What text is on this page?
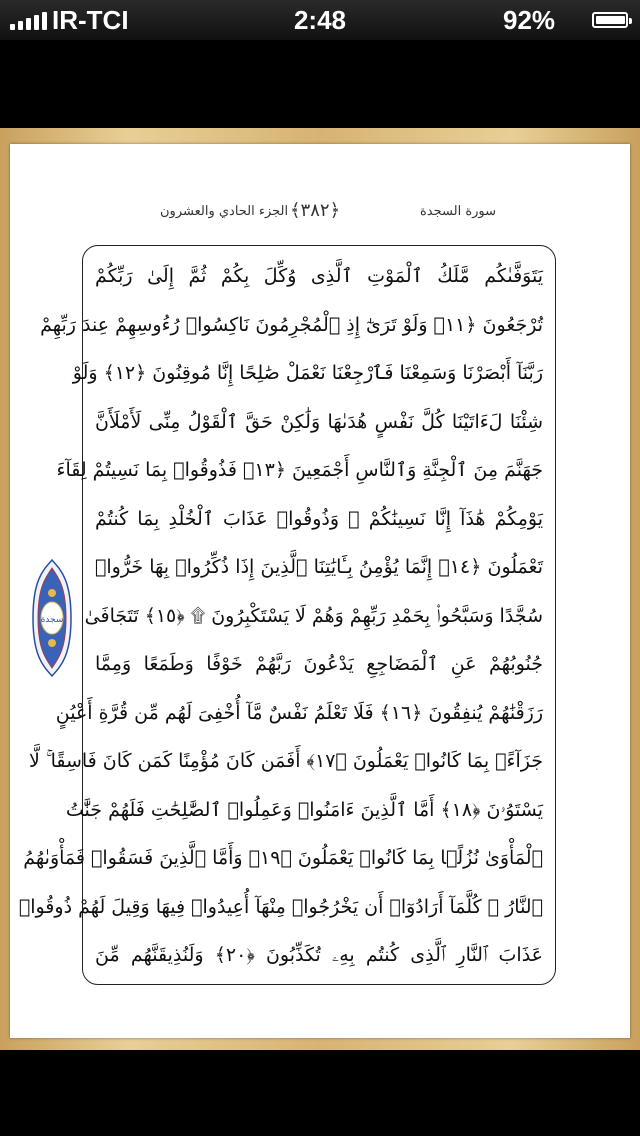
IR-TCI	2:48	92%
الجزء الحادي والعشرون ﴿٣٨٢﴾	سورة السجدة
يَتَوَفَّىٰكُم مَّلَكُ ٱلْمَوْتِ ٱلَّذِى وُكِّلَ بِكُمْ ثُمَّ إِلَىٰ رَبِّكُمْ
تُرْجَعُونَ ﴿١١﴾ وَلَوْ تَرَىٰٓ إِذِ ٱلْمُجْرِمُونَ نَاكِسُوا۟ رُءُوسِهِمْ عِندَ رَبِّهِمْ
رَبَّنَآ أَبْصَرْنَا وَسَمِعْنَا فَٱرْجِعْنَا نَعْمَلْ صَٰلِحًا إِنَّا مُوقِنُونَ ﴿١٢﴾ وَلَوْ
شِئْنَا لَءَاتَيْنَا كُلَّ نَفْسٍ هُدَىٰهَا وَلَٰكِنْ حَقَّ ٱلْقَوْلُ مِنِّى لَأَمْلَأَنَّ
جَهَنَّمَ مِنَ ٱلْجِنَّةِ وَٱلنَّاسِ أَجْمَعِينَ ﴿١٣﴾ فَذُوقُوا۟ بِمَا نَسِيتُمْ لِقَآءَ
يَوْمِكُمْ هَٰذَآ إِنَّا نَسِينَٰكُمْ ۖ وَذُوقُوا۟ عَذَابَ ٱلْخُلْدِ بِمَا كُنتُمْ
تَعْمَلُونَ ﴿١٤﴾ إِنَّمَا يُؤْمِنُ بِـَٔايَٰتِنَا ٱلَّذِينَ إِذَا ذُكِّرُوا۟ بِهَا خَرُّوا۟
سُجَّدًا وَسَبَّحُوا۟ بِحَمْدِ رَبِّهِمْ وَهُمْ لَا يَسْتَكْبِرُونَ ۩ ﴿١٥﴾ تَتَجَافَىٰ
جُنُوبُهُمْ عَنِ ٱلْمَضَاجِعِ يَدْعُونَ رَبَّهُمْ خَوْفًا وَطَمَعًا وَمِمَّا
رَزَقْنَٰهُمْ يُنفِقُونَ ﴿١٦﴾ فَلَا تَعْلَمُ نَفْسٌ مَّآ أُخْفِىَ لَهُم مِّن قُرَّةِ أَعْيُنٍ
جَزَآءًۢ بِمَا كَانُوا۟ يَعْمَلُونَ ﴿١٧﴾ أَفَمَن كَانَ مُؤْمِنًا كَمَن كَانَ فَاسِقًا ۚ لَّا
يَسْتَوُۥنَ ﴿١٨﴾ أَمَّا ٱلَّذِينَ ءَامَنُوا۟ وَعَمِلُوا۟ ٱلصَّٰلِحَٰتِ فَلَهُمْ جَنَّٰتُ
ٱلْمَأْوَىٰ نُزُلًۢا بِمَا كَانُوا۟ يَعْمَلُونَ ﴿١٩﴾ وَأَمَّا ٱلَّذِينَ فَسَقُوا۟ فَمَأْوَىٰهُمُ
ٱلنَّارُ ۖ كُلَّمَآ أَرَادُوٓا۟ أَن يَخْرُجُوا۟ مِنْهَآ أُعِيدُوا۟ فِيهَا وَقِيلَ لَهُمْ ذُوقُوا۟
عَذَابَ ٱلنَّارِ ٱلَّذِى كُنتُم بِهِۦ تُكَذِّبُونَ ﴿٢٠﴾ وَلَنُذِيقَنَّهُم مِّنَ
سجدة
